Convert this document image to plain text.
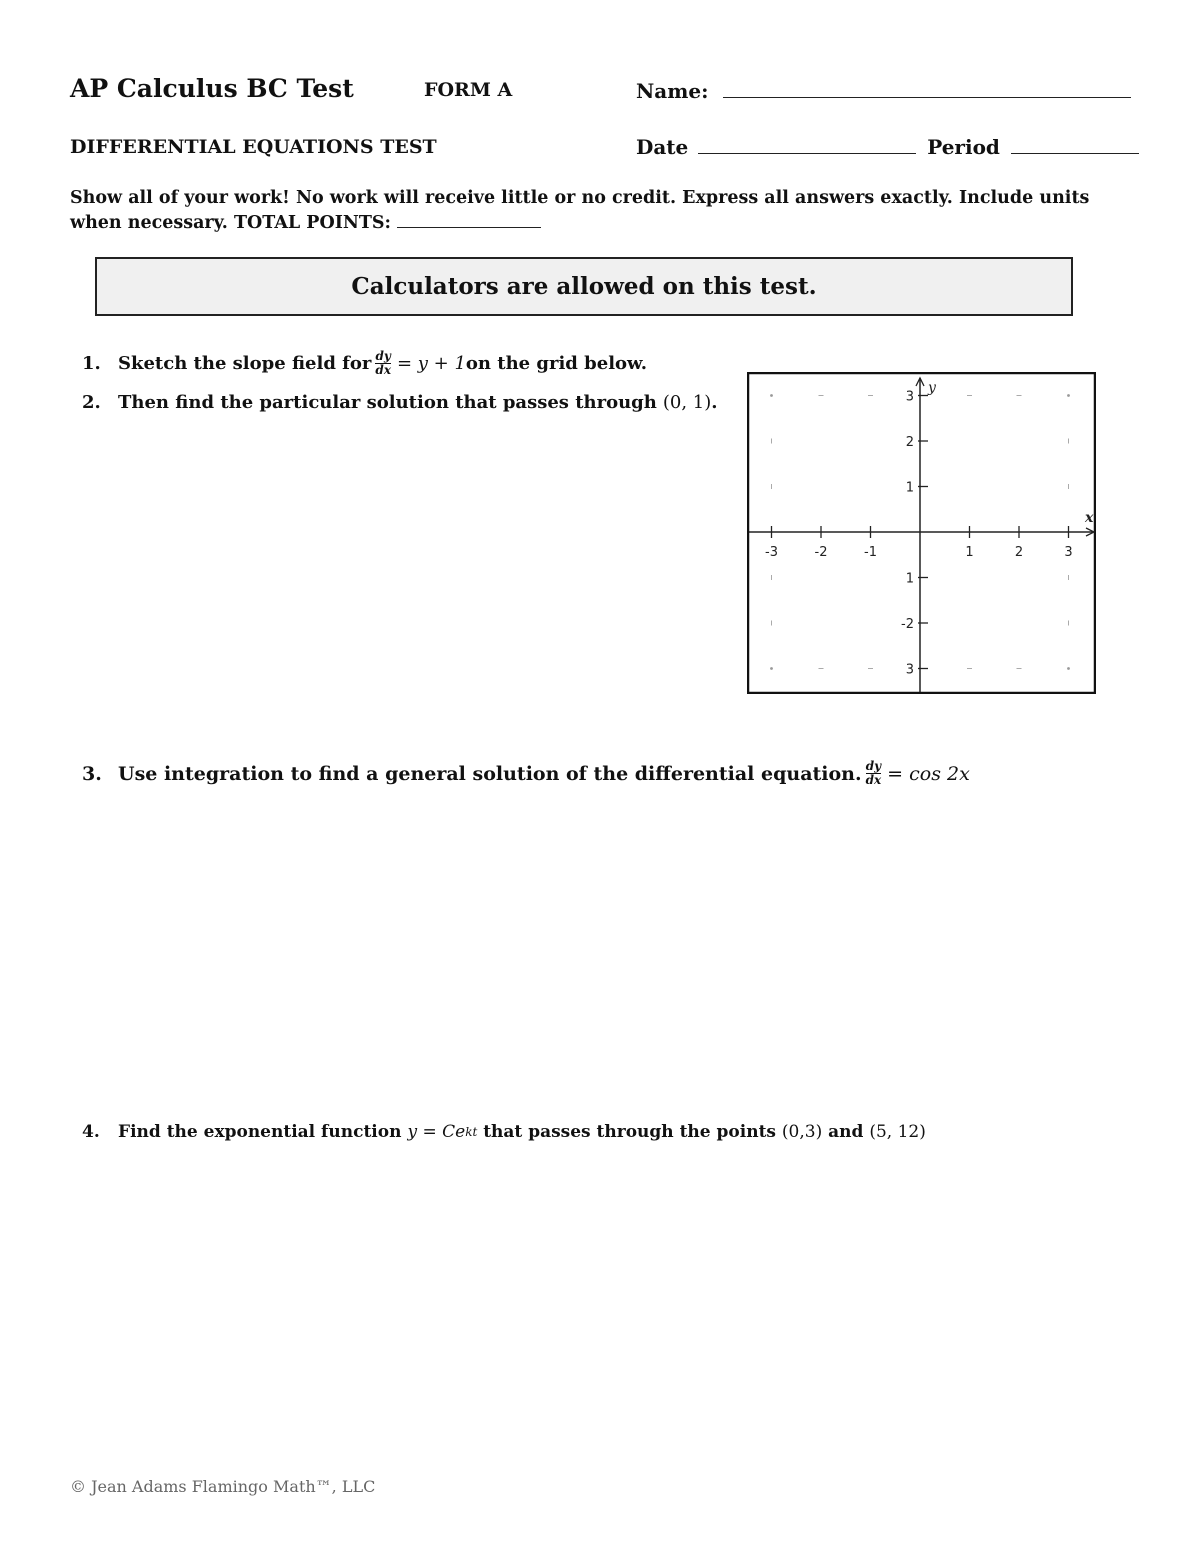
AP Calculus BC Test	FORM A	Name:
DIFFERENTIAL EQUATIONS TEST	Date	Period
Show all of your work! No work will receive little or no credit. Express all answers exactly. Include units when necessary. TOTAL POINTS:
Calculators are allowed on this test.
1. Sketch the slope field for $\frac{dy}{dx} = y + 1$ on the grid below.
2. Then find the particular solution that passes through (0, 1) .
-3	-2	-1	1	2	3
3
2
1
1
-2
3
x
y
3. Use integration to find a general solution of the differential equation. $\frac{dy}{dx} = \cos 2x$
4.	Find the exponential function y = Ce kt that passes through the points (0,3) and (5, 12)
© Jean Adams Flamingo Math™, LLC
